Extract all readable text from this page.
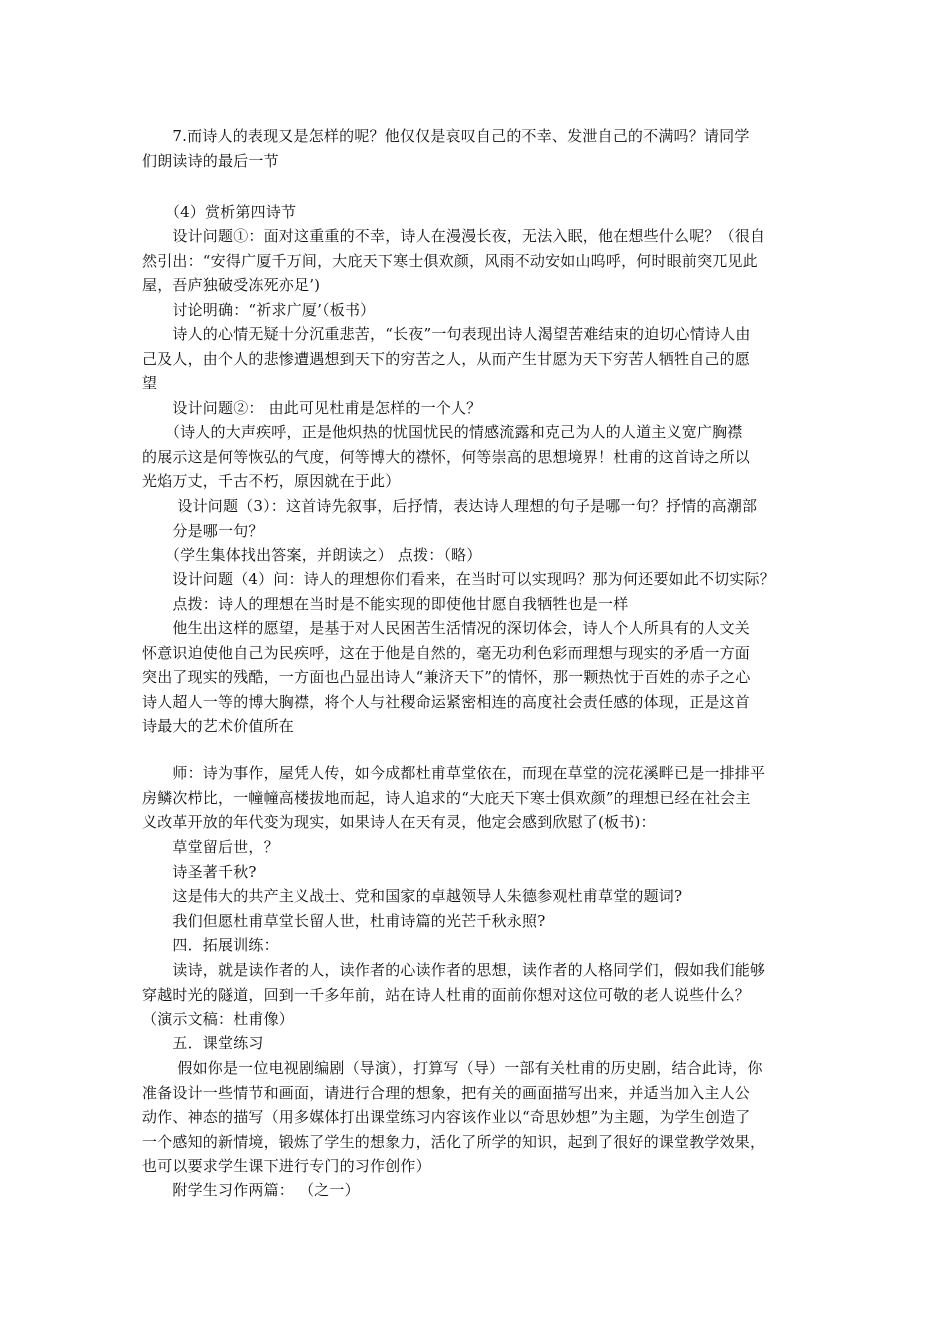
　　7.而诗人的表现又是怎样的呢？他仅仅是哀叹自己的不幸、发泄自己的不满吗？请同学
们朗读诗的最后一节

　　（4）赏析第四诗节

　　设计问题①：面对这重重的不幸，诗人在漫漫长夜，无法入眠，他在想些什么呢？（很自
然引出：“安得广厦千万间，大庇天下寒士俱欢颜，风雨不动安如山呜呼，何时眼前突兀见此
屋，吾庐独破受冻死亦足’)

　　讨论明确：“祈求广厦’（板书）

　　诗人的心情无疑十分沉重悲苦，“长夜”一句表现出诗人渴望苦难结束的迫切心情诗人由
己及人，由个人的悲惨遭遇想到天下的穷苦之人，从而产生甘愿为天下穷苦人牺牲自己的愿
望

　　设计问题②： 由此可见杜甫是怎样的一个人？

　　（诗人的大声疾呼，正是他炽热的忧国忧民的情感流露和克己为人的人道主义宽广胸襟
的展示这是何等恢弘的气度，何等博大的襟怀，何等崇高的思想境界！杜甫的这首诗之所以
光焰万丈，千古不朽，原因就在于此）

　　 设计问题（3）：这首诗先叙事，后抒情，表达诗人理想的句子是哪一句？抒情的高潮部
　　分是哪一句？

　　（学生集体找出答案，并朗读之） 点拨：（略）

　　设计问题（4）问：诗人的理想你们看来，在当时可以实现吗？那为何还要如此不切实际？

　　点拨：诗人的理想在当时是不能实现的即使他甘愿自我牺牲也是一样

　　他生出这样的愿望，是基于对人民困苦生活情况的深切体会，诗人个人所具有的人文关
怀意识迫使他自己为民疾呼，这在于他是自然的，毫无功利色彩而理想与现实的矛盾一方面
突出了现实的残酷，一方面也凸显出诗人“兼济天下”的情怀，那一颗热忱于百姓的赤子之心
诗人超人一等的博大胸襟，将个人与社稷命运紧密相连的高度社会责任感的体现，正是这首
诗最大的艺术价值所在

　　师：诗为事作，屋凭人传，如今成都杜甫草堂依在，而现在草堂的浣花溪畔已是一排排平
房鳞次栉比，一幢幢高楼拔地而起，诗人追求的“大庇天下寒士俱欢颜”的理想已经在社会主
义改革开放的年代变为现实，如果诗人在天有灵，他定会感到欣慰了(板书)：

　　草堂留后世，？

　　诗圣著千秋?

　　这是伟大的共产主义战士、党和国家的卓越领导人朱德参观杜甫草堂的题词?

　　我们但愿杜甫草堂长留人世，杜甫诗篇的光芒千秋永照?

　　四．拓展训练：

　　读诗，就是读作者的人，读作者的心读作者的思想，读作者的人格同学们，假如我们能够
穿越时光的隧道，回到一千多年前，站在诗人杜甫的面前你想对这位可敬的老人说些什么？
（演示文稿：杜甫像）

　　五．课堂练习

　　 假如你是一位电视剧编剧（导演），打算写（导）一部有关杜甫的历史剧，结合此诗，你
准备设计一些情节和画面，请进行合理的想象，把有关的画面描写出来，并适当加入主人公
动作、神态的描写（用多媒体打出课堂练习内容该作业以“奇思妙想”为主题，为学生创造了
一个感知的新情境，锻炼了学生的想象力，活化了所学的知识，起到了很好的课堂教学效果，
也可以要求学生课下进行专门的习作创作）

　　附学生习作两篇： （之一）
